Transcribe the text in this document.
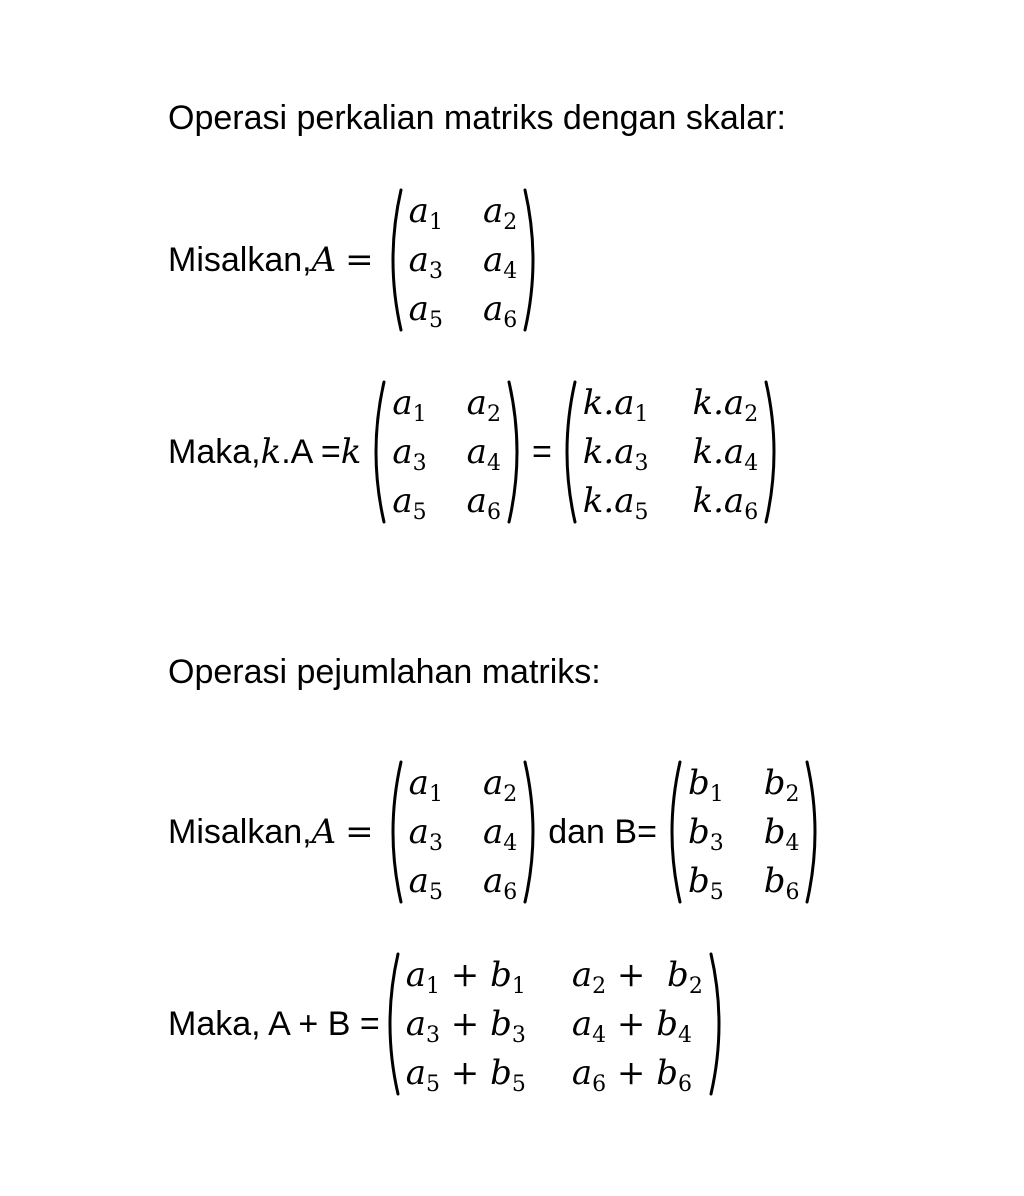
Operasi perkalian matriks dengan skalar:
Misalkan, A =
$a_1$ $a_2$
$a_3$ $a_4$
$a_5$ $a_6$
Maka, k .A = k
$a_1$ $a_2$
$a_3$ $a_4$
$a_5$ $a_6$
=
$k.a_1$ $k.a_2$
$k.a_3$ $k.a_4$
$k.a_5$ $k.a_6$
Operasi pejumlahan matriks:
Misalkan, A =
$a_1$ $a_2$
$a_3$ $a_4$
$a_5$ $a_6$
dan B=
$b_1$ $b_2$
$b_3$ $b_4$
$b_5$ $b_6$
Maka, A + B =
$a_1 + b_1$ $a_2 + b_2$
$a_3 + b_3$ $a_4 + b_4$
$a_5 + b_5$ $a_6 + b_6$
